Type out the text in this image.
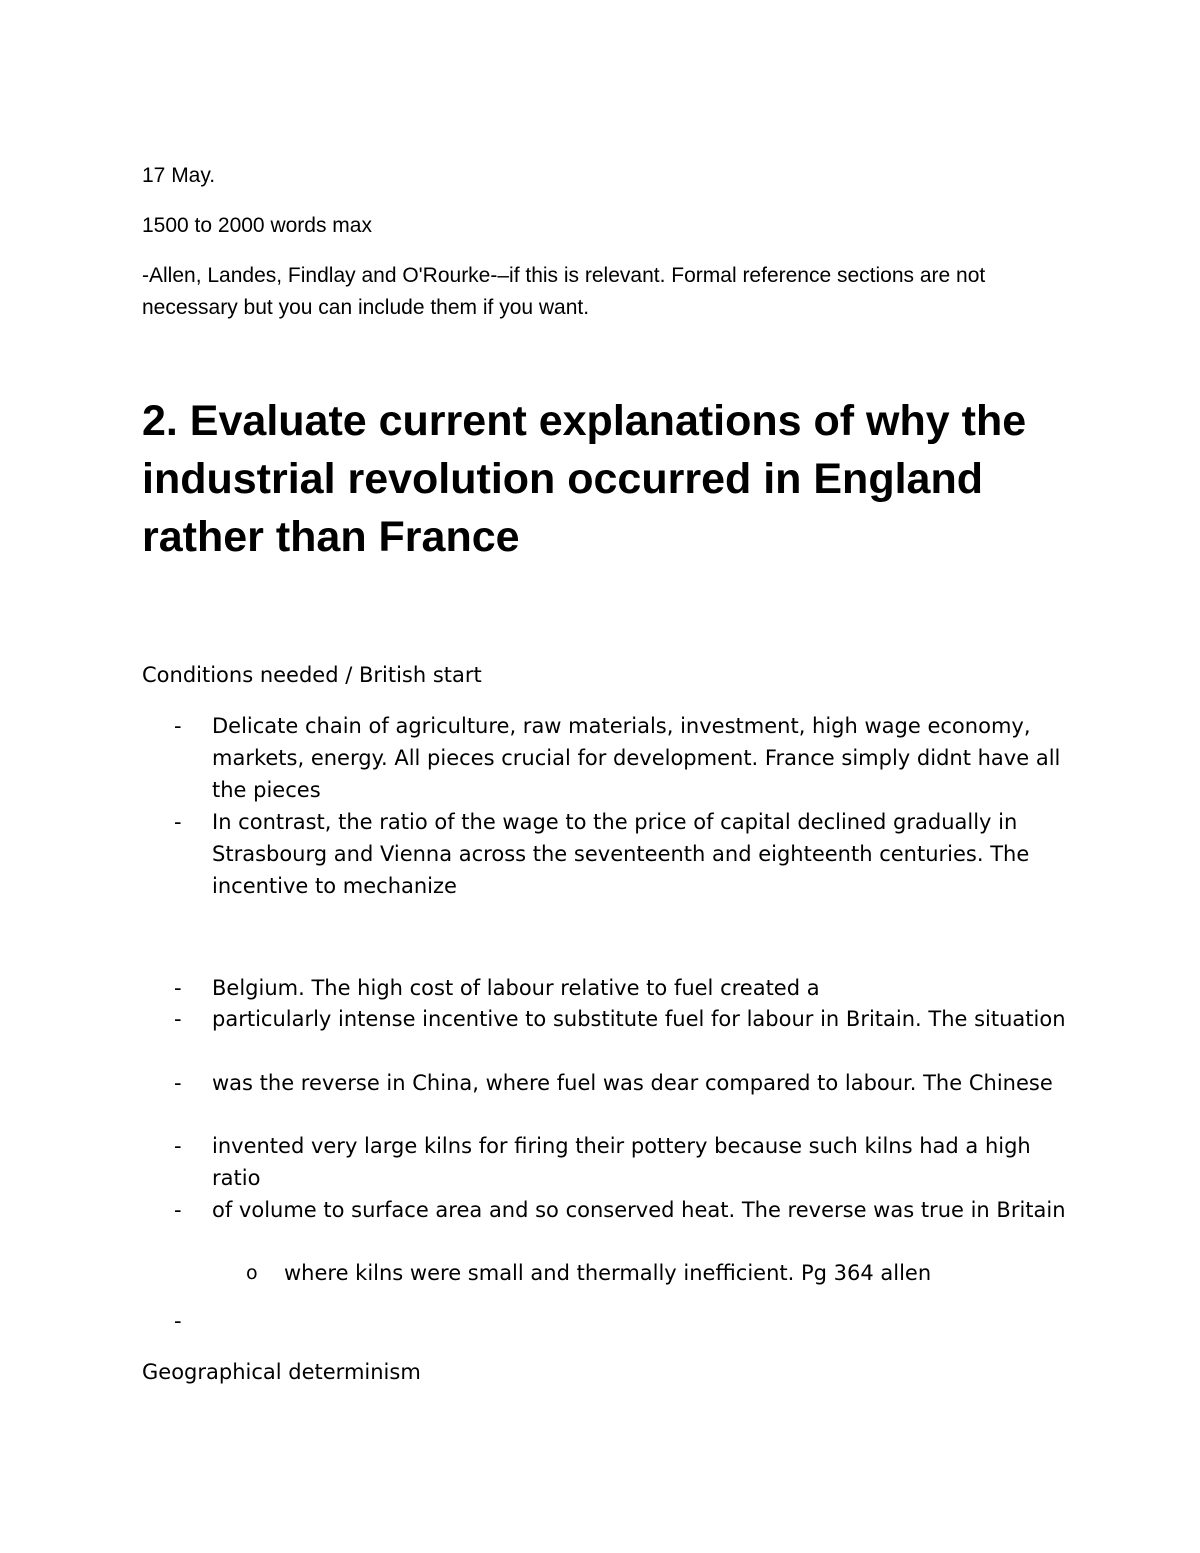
17 May.
1500 to 2000 words max
-Allen, Landes, Findlay and O'Rourke-–if this is relevant. Formal reference sections are not necessary but you can include them if you want.
2. Evaluate current explanations of why the industrial revolution occurred in England rather than France
Conditions needed / British start
- Delicate chain of agriculture, raw materials, investment, high wage economy, markets, energy. All pieces crucial for development. France simply didnt have all the pieces
- In contrast, the ratio of the wage to the price of capital declined gradually in Strasbourg and Vienna across the seventeenth and eighteenth centuries. The incentive to mechanize
- Belgium. The high cost of labour relative to fuel created a
- particularly intense incentive to substitute fuel for labour in Britain. The situation
- was the reverse in China, where fuel was dear compared to labour. The Chinese
- invented very large kilns for firing their pottery because such kilns had a high ratio
- of volume to surface area and so conserved heat. The reverse was true in Britain
o where kilns were small and thermally inefficient. Pg 364 allen
-
Geographical determinism
